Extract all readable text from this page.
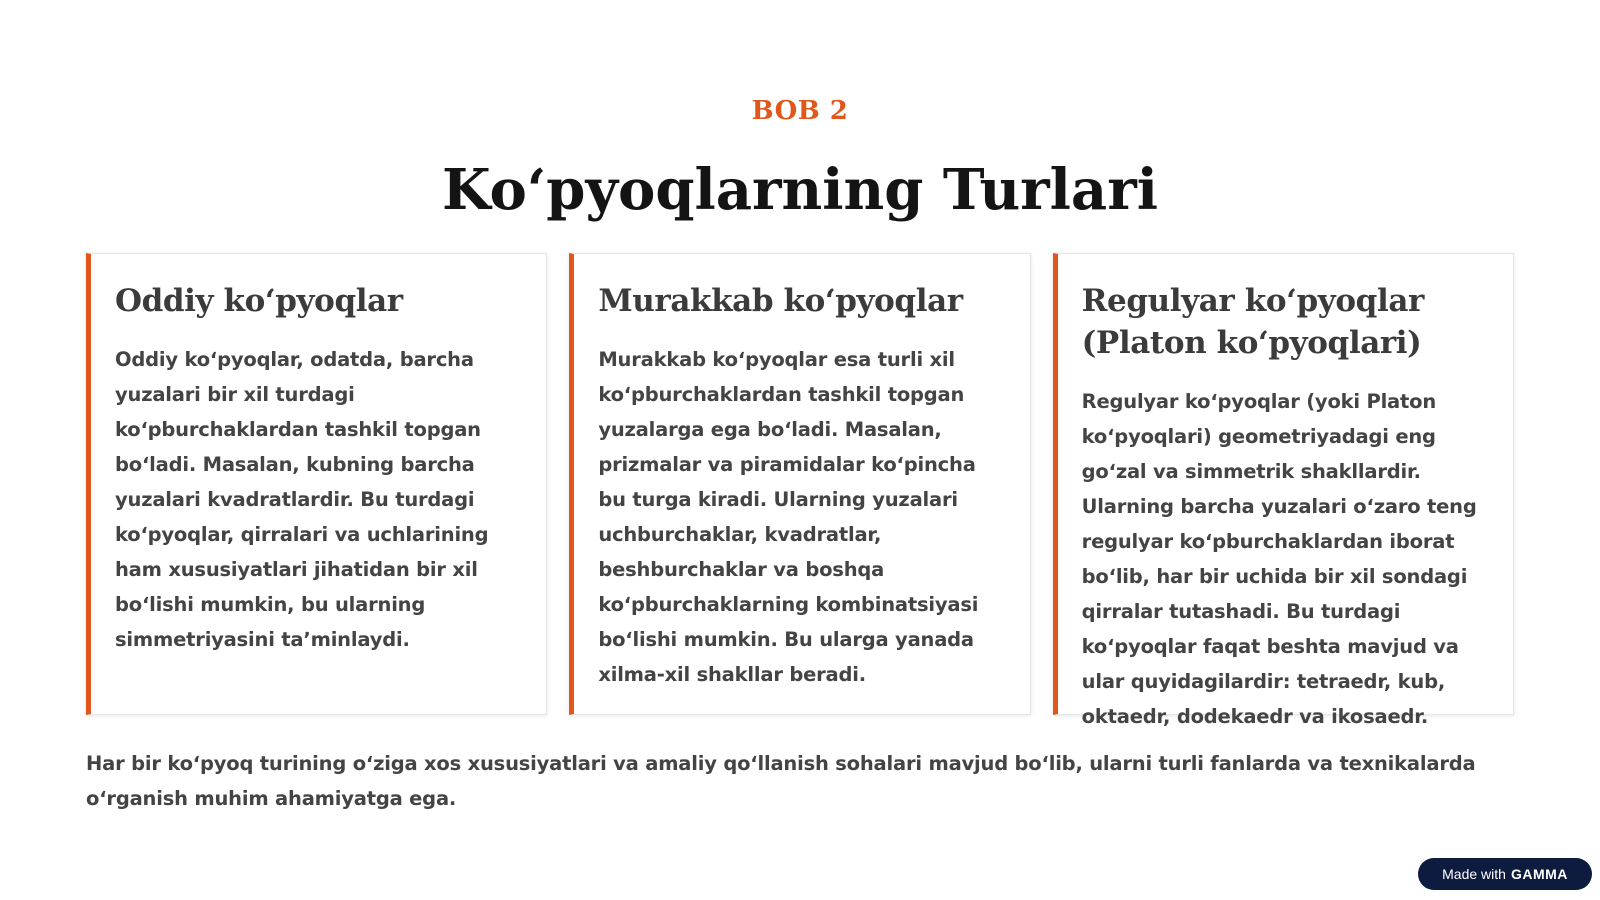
BOB 2
Koʻpyoqlarning Turlari
Oddiy koʻpyoqlar

Oddiy koʻpyoqlar, odatda, barcha yuzalari bir xil turdagi koʻpburchaklardan tashkil topgan boʻladi. Masalan, kubning barcha yuzalari kvadratlardir. Bu turdagi koʻpyoqlar, qirralari va uchlarining ham xususiyatlari jihatidan bir xil boʻlishi mumkin, bu ularning simmetriyasini taʼminlaydi.

Murakkab koʻpyoqlar

Murakkab koʻpyoqlar esa turli xil koʻpburchaklardan tashkil topgan yuzalarga ega boʻladi. Masalan, prizmalar va piramidalar koʻpincha bu turga kiradi. Ularning yuzalari uchburchaklar, kvadratlar, beshburchaklar va boshqa koʻpburchaklarning kombinatsiyasi boʻlishi mumkin. Bu ularga yanada xilma-xil shakllar beradi.

Regulyar koʻpyoqlar (Platon koʻpyoqlari)

Regulyar koʻpyoqlar (yoki Platon koʻpyoqlari) geometriyadagi eng goʻzal va simmetrik shakllardir. Ularning barcha yuzalari oʻzaro teng regulyar koʻpburchaklardan iborat boʻlib, har bir uchida bir xil sondagi qirralar tutashadi. Bu turdagi koʻpyoqlar faqat beshta mavjud va ular quyidagilardir: tetraedr, kub, oktaedr, dodekaedr va ikosaedr.

Har bir koʻpyoq turining oʻziga xos xususiyatlari va amaliy qoʻllanish sohalari mavjud boʻlib, ularni turli fanlarda va texnikalarda oʻrganish muhim ahamiyatga ega.

Made with GAMMA
